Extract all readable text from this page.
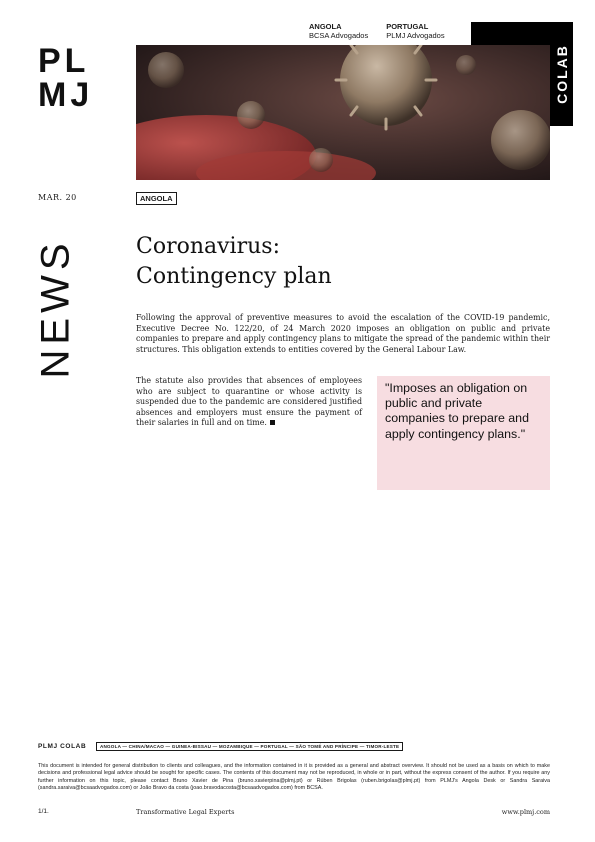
PL
MJ
ANGOLA
BCSA Advogados
PORTUGAL
PLMJ Advogados
COLAB
MAR. 20	ANGOLA
NEWS	Coronavirus:
Contingency plan

Following the approval of preventive measures to avoid the escalation of the COVID-19 pandemic, Executive Decree No. 122/20, of 24 March 2020 imposes an obligation on public and private companies to prepare and apply contingency plans to mitigate the spread of the pandemic within their structures. This obligation extends to entities covered by the General Labour Law.

The statute also provides that absences of employees who are subject to quarantine or whose activity is suspended due to the pandemic are considered justified absences and employers must ensure the payment of their salaries in full and on time.

"Imposes an obligation on public and private companies to prepare and apply contingency plans."
PLMJ COLAB	ANGOLA — CHINA/MACAO — GUINEA-BISSAU — MOZAMBIQUE — PORTUGAL — SÃO TOMÉ AND PRÍNCIPE — TIMOR-LESTE

This document is intended for general distribution to clients and colleagues, and the information contained in it is provided as a general and abstract overview. It should not be used as a basis on which to make decisions and professional legal advice should be sought for specific cases. The contents of this document may not be reproduced, in whole or in part, without the express consent of the author. If you require any further information on this topic, please contact Bruno Xavier de Pina (bruno.xavierpina@plmj.pt) or Rúben Brigolas (ruben.brigolas@plmj.pt) from PLMJ's Angola Desk or Sandra Saraiva (sandra.saraiva@bcsaadvogados.com) or João Bravo da costa (joao.bravodacosta@bcsaadvogados.com) from BCSA.

1/1.	Transformative Legal Experts	www.plmj.com
